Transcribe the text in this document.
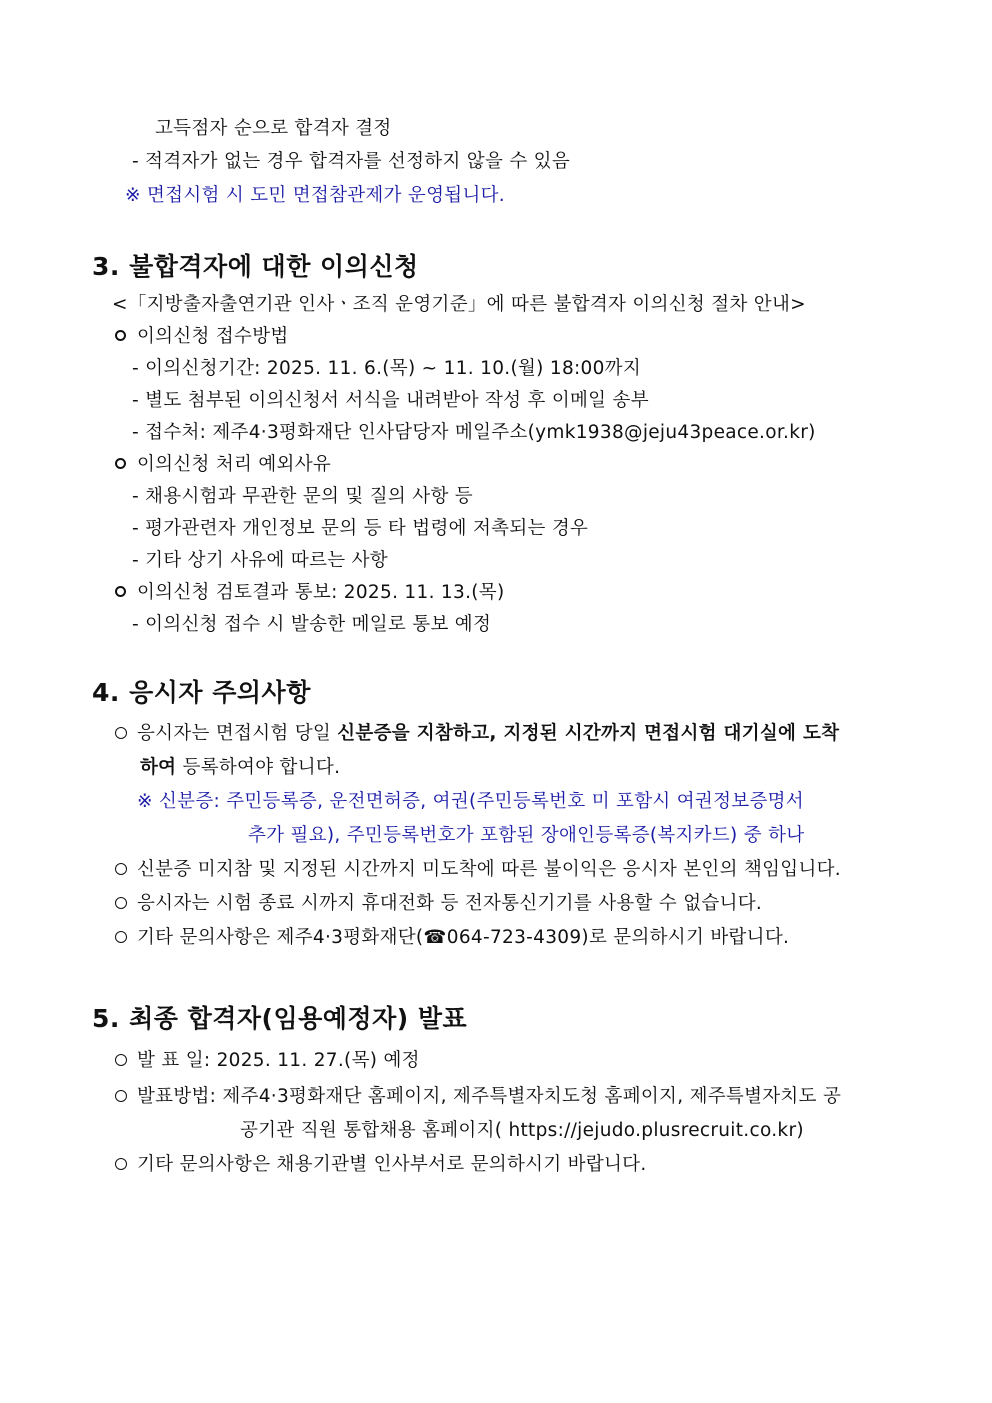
고득점자 순으로 합격자 결정
- 적격자가 없는 경우 합격자를 선정하지 않을 수 있음
※ 면접시험 시 도민 면접참관제가 운영됩니다.
3. 불합격자에 대한 이의신청
<「지방출자출연기관 인사ㆍ조직 운영기준」에 따른 불합격자 이의신청 절차 안내>
이의신청 접수방법
- 이의신청기간: 2025. 11. 6.(목) ~ 11. 10.(월) 18:00까지
- 별도 첨부된 이의신청서 서식을 내려받아 작성 후 이메일 송부
- 접수처: 제주4·3평화재단 인사담당자 메일주소(ymk1938@jeju43peace.or.kr)
이의신청 처리 예외사유
- 채용시험과 무관한 문의 및 질의 사항 등
- 평가관련자 개인정보 문의 등 타 법령에 저촉되는 경우
- 기타 상기 사유에 따르는 사항
이의신청 검토결과 통보: 2025. 11. 13.(목)
- 이의신청 접수 시 발송한 메일로 통보 예정
4. 응시자 주의사항
응시자는 면접시험 당일 신분증을 지참하고, 지정된 시간까지 면접시험 대기실에 도착
하여 등록하여야 합니다.
※ 신분증: 주민등록증, 운전면허증, 여권(주민등록번호 미 포함시 여권정보증명서
추가 필요), 주민등록번호가 포함된 장애인등록증(복지카드) 중 하나
신분증 미지참 및 지정된 시간까지 미도착에 따른 불이익은 응시자 본인의 책임입니다.
응시자는 시험 종료 시까지 휴대전화 등 전자통신기기를 사용할 수 없습니다.
기타 문의사항은 제주4·3평화재단(☎064-723-4309)로 문의하시기 바랍니다.
5. 최종 합격자(임용예정자) 발표
발 표 일: 2025. 11. 27.(목) 예정
발표방법: 제주4·3평화재단 홈페이지, 제주특별자치도청 홈페이지, 제주특별자치도 공
공기관 직원 통합채용 홈페이지( https://jejudo.plusrecruit.co.kr)
기타 문의사항은 채용기관별 인사부서로 문의하시기 바랍니다.
